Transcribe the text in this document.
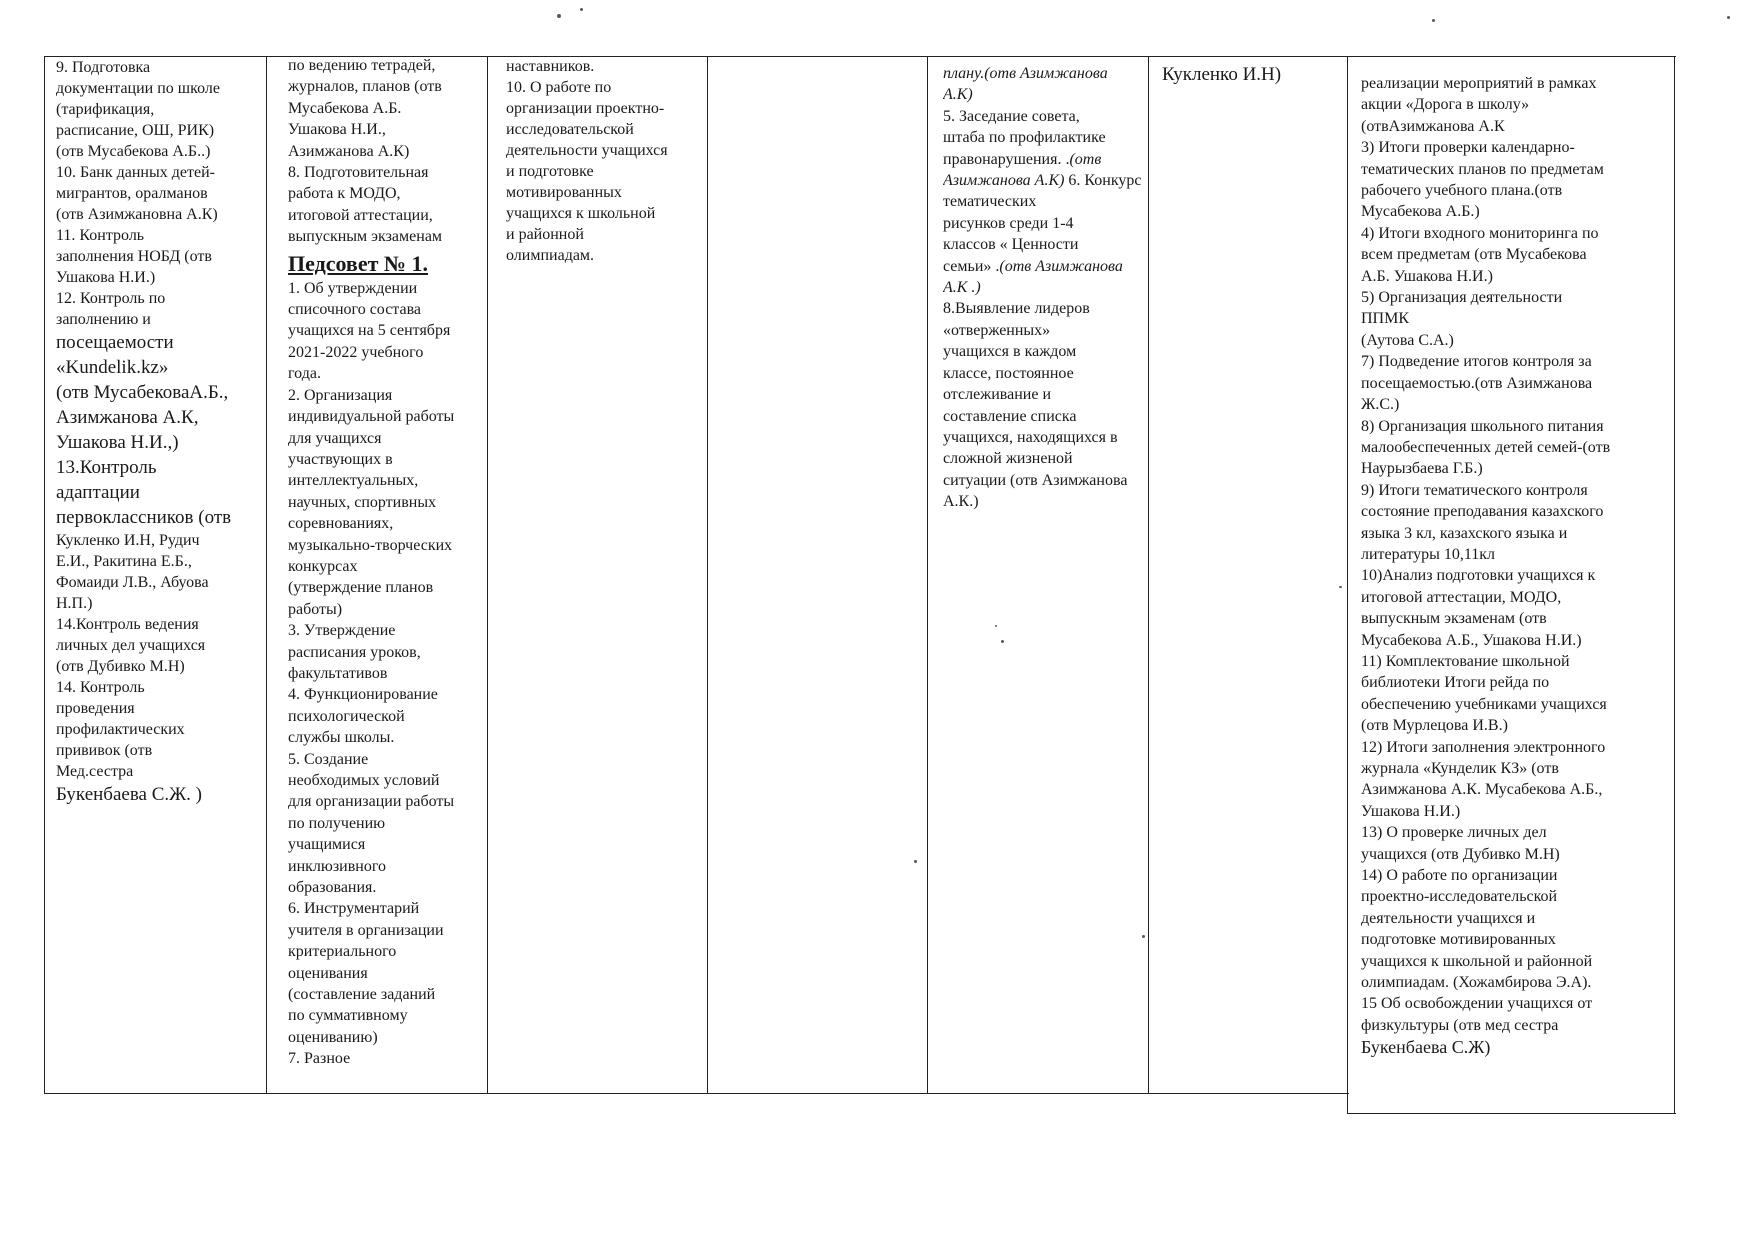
9. Подготовка
документации по школе
(тарификация,
расписание, ОШ, РИК)
(отв Мусабекова А.Б..)
10. Банк данных детей-
мигрантов, оралманов
(отв Азимжановна А.К)
11. Контроль
заполнения НОБД (отв
Ушакова Н.И.)
12. Контроль по
заполнению и
посещаемости
«Kundelik.kz»
(отв МусабековаА.Б.,
Азимжанова А.К,
Ушакова Н.И.,)
13.Контроль
адаптации
первоклассников (отв
Кукленко И.Н, Рудич
Е.И., Ракитина Е.Б.,
Фомаиди Л.В., Абуова
Н.П.)
14.Контроль ведения
личных дел учащихся
(отв Дубивко М.Н)
14. Контроль
проведения
профилактических
прививок (отв
Мед.сестра
Букенбаева С.Ж. )
по ведению тетрадей,
журналов, планов (отв
Мусабекова А.Б.
Ушакова Н.И.,
Азимжанова А.К)
8. Подготовительная
работа к МОДО,
итоговой аттестации,
выпускным экзаменам
Педсовет № 1.
1. Об утверждении
списочного состава
учащихся на 5 сентября
2021-2022 учебного
года.
2. Организация
индивидуальной работы
для учащихся
участвующих в
интеллектуальных,
научных, спортивных
соревнованиях,
музыкально-творческих
конкурсах
(утверждение планов
работы)
3. Утверждение
расписания уроков,
факультативов
4. Функционирование
психологической
службы школы.
5. Создание
необходимых условий
для организации работы
по получению
учащимися
инклюзивного
образования.
6. Инструментарий
учителя в организации
критериального
оценивания
(составление заданий
по суммативному
оцениванию)
7. Разное
наставников.
10. О работе по
организации проектно-
исследовательской
деятельности учащихся
и подготовке
мотивированных
учащихся к школьной
и районной
олимпиадам.
плану.(отв Азимжанова
А.К)
5. Заседание совета,
штаба по профилактике
правонарушения. .(отв
Азимжанова А.К) 6. Конкурс тематических
рисунков среди 1-4
классов « Ценности
семьи» .(отв Азимжанова
А.К .)
8.Выявление лидеров
«отверженных»
учащихся в каждом
классе, постоянное
отслеживание и
составление списка
учащихся, находящихся в
сложной жизненой
ситуации (отв Азимжанова
А.К.)
Кукленко И.Н)	реализации мероприятий в рамках
акции «Дорога в школу»
(отвАзимжанова А.К
3) Итоги проверки календарно-
тематических планов по предметам
рабочего учебного плана.(отв
Мусабекова А.Б.)
4) Итоги входного мониторинга по
всем предметам (отв Мусабекова
А.Б. Ушакова Н.И.)
5) Организация деятельности
ППМК
(Аутова С.А.)
7) Подведение итогов контроля за
посещаемостью.(отв Азимжанова
Ж.С.)
8) Организация школьного питания
малообеспеченных детей семей-(отв
Наурызбаева Г.Б.)
9) Итоги тематического контроля
состояние преподавания казахского
языка 3 кл, казахского языка и
литературы 10,11кл
10)Анализ подготовки учащихся к
итоговой аттестации, МОДО,
выпускным экзаменам (отв
Мусабекова А.Б., Ушакова Н.И.)
11) Комплектование школьной
библиотеки Итоги рейда по
обеспечению учебниками учащихся
(отв Мурлецова И.В.)
12) Итоги заполнения электронного
журнала «Кунделик КЗ» (отв
Азимжанова А.К. Мусабекова А.Б.,
Ушакова Н.И.)
13) О проверке личных дел
учащихся (отв Дубивко М.Н)
14) О работе по организации
проектно-исследовательской
деятельности учащихся и
подготовке мотивированных
учащихся к школьной и районной
олимпиадам. (Хожамбирова Э.А).
15 Об освобождении учащихся от
физкультуры (отв мед сестра
Букенбаева С.Ж)
